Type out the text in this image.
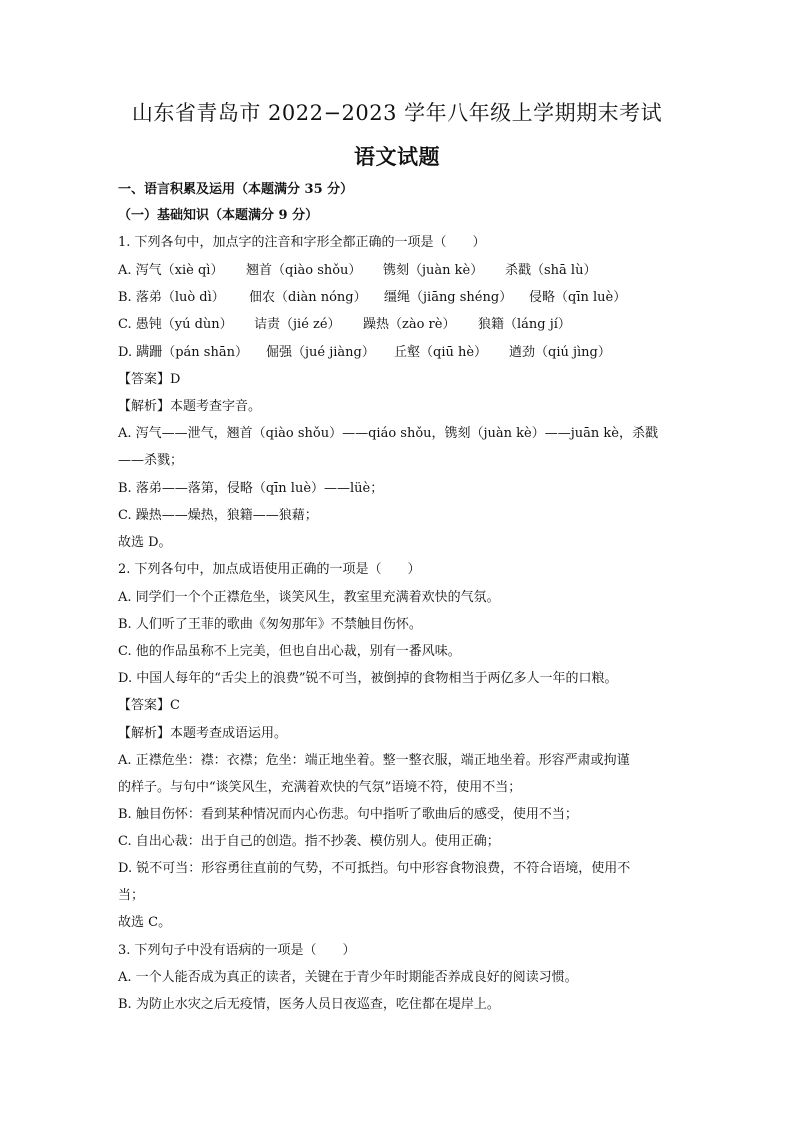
山东省青岛市 2022−2023 学年八年级上学期期末考试
语文试题
一、语言积累及运用（本题满分 35 分）
（一）基础知识（本题满分 9 分）
1. 下列各句中，加点字的注音和字形全都正确的一项是（　　）
A. 泻气（xiè qì） 翘首（qiào shǒu） 镌刻（juàn kè） 杀戳（shā lù）
B. 落弟（luò dì） 佃农（diàn nóng） 缰绳（jiāng shéng） 侵略（qīn luè）
C. 愚钝（yú dùn） 诘责（jié zé） 躁热（zào rè） 狼籍（láng jí）
D. 蹒跚（pán shān） 倔强（jué jiàng） 丘壑（qiū hè） 遒劲（qiú jìng）
【答案】D
【解析】本题考查字音。
A. 泻气——泄气，翘首（qiào shǒu）——qiáo shǒu，镌刻（juàn kè）——juān kè，杀戳
——杀戮；
B. 落弟——落第，侵略（qīn luè）——lüè；
C. 躁热——燥热，狼籍——狼藉；
故选 D。
2. 下列各句中，加点成语使用正确的一项是（　　）
A. 同学们一个个正襟危坐，谈笑风生，教室里充满着欢快的气氛。
B. 人们听了王菲的歌曲《匆匆那年》不禁触目伤怀。
C. 他的作品虽称不上完美，但也自出心裁，别有一番风味。
D. 中国人每年的“舌尖上的浪费”锐不可当，被倒掉的食物相当于两亿多人一年的口粮。
【答案】C
【解析】本题考查成语运用。
A. 正襟危坐：襟：衣襟；危坐：端正地坐着。整一整衣服，端正地坐着。形容严肃或拘谨
的样子。与句中“谈笑风生，充满着欢快的气氛”语境不符，使用不当；
B. 触目伤怀：看到某种情况而内心伤悲。句中指听了歌曲后的感受，使用不当；
C. 自出心裁：出于自己的创造。指不抄袭、模仿别人。使用正确；
D. 锐不可当：形容勇往直前的气势，不可抵挡。句中形容食物浪费，不符合语境，使用不
当；
故选 C。
3. 下列句子中没有语病的一项是（　　）
A. 一个人能否成为真正的读者，关键在于青少年时期能否养成良好的阅读习惯。
B. 为防止水灾之后无疫情，医务人员日夜巡查，吃住都在堤岸上。
